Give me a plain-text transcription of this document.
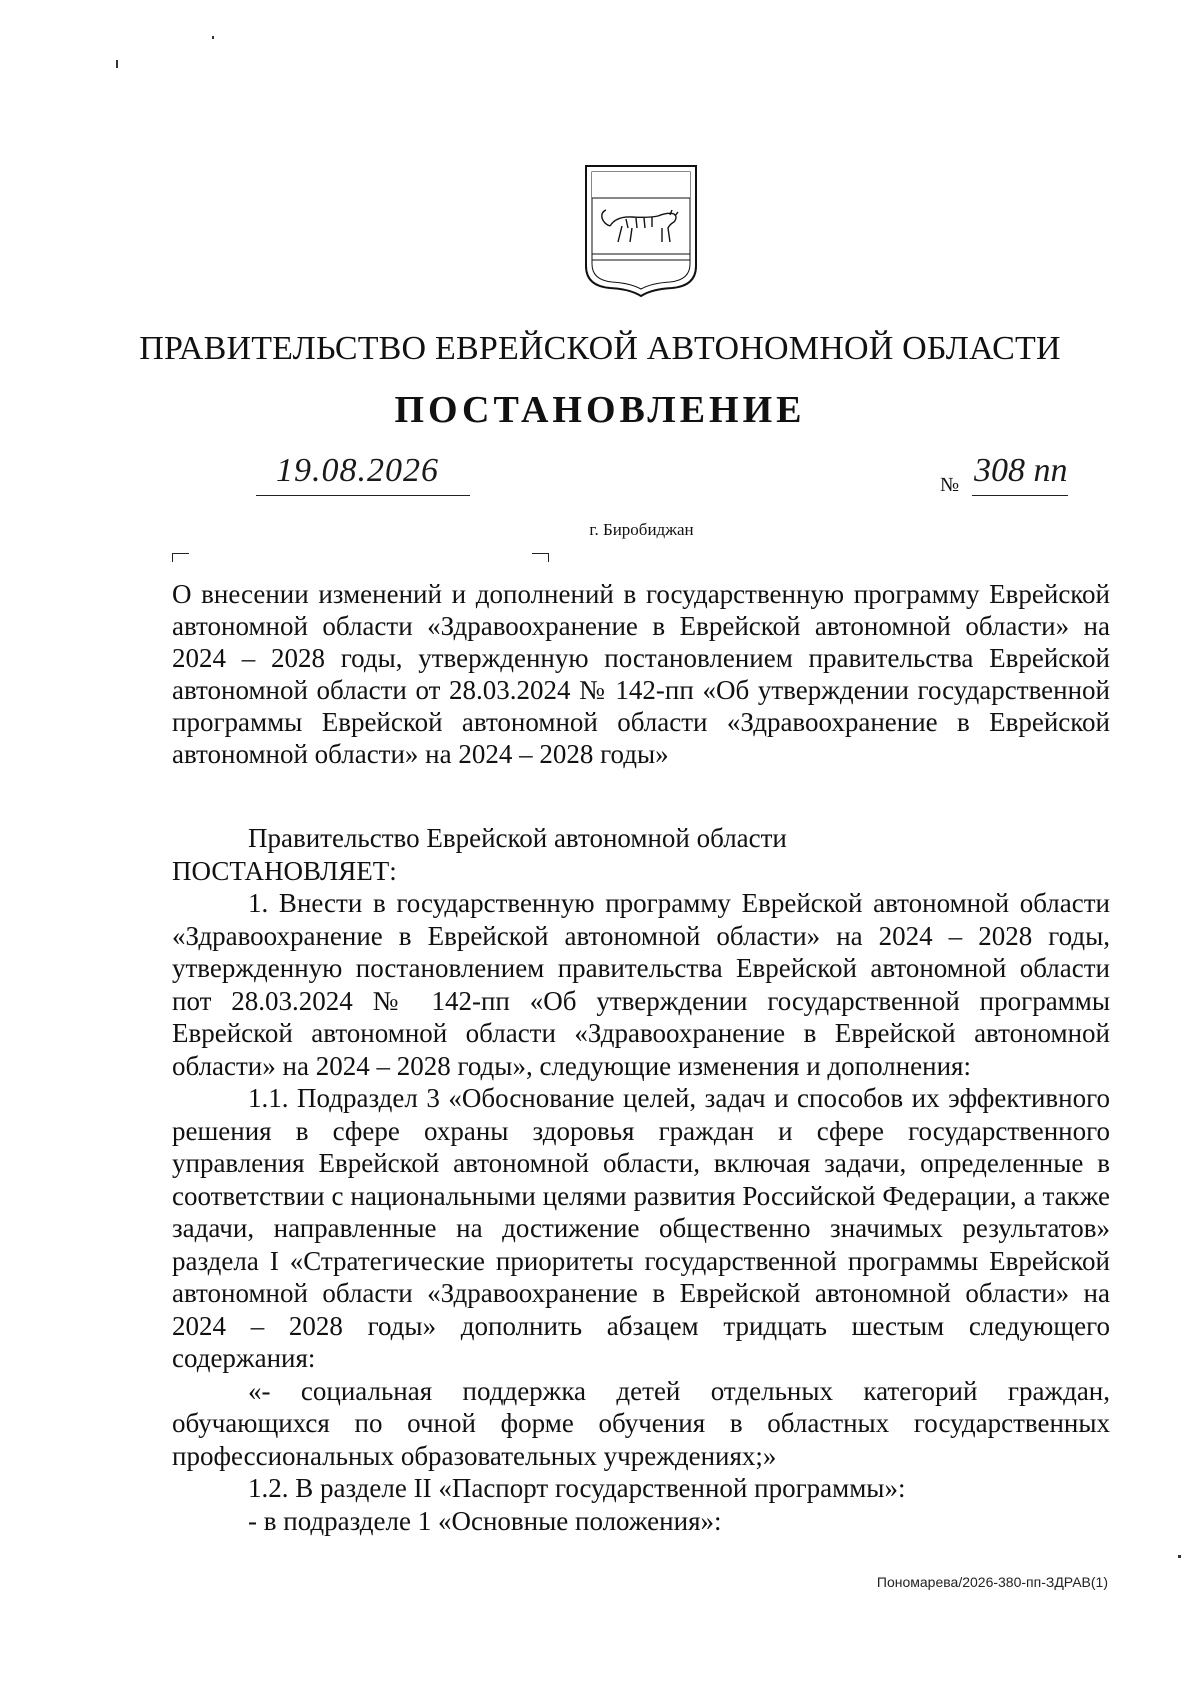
ПРАВИТЕЛЬСТВО ЕВРЕЙСКОЙ АВТОНОМНОЙ ОБЛАСТИ
ПОСТАНОВЛЕНИЕ
19.08.2026	№ 308 пп
г. Биробиджан
О внесении изменений и дополнений в государственную программу Еврейской автономной области «Здравоохранение в Еврейской автономной области» на 2024 – 2028 годы, утвержденную постановлением правительства Еврейской автономной области от 28.03.2024 № 142-пп «Об утверждении государственной программы Еврейской автономной области «Здравоохранение в Еврейской автономной области» на 2024 – 2028 годы»

Правительство Еврейской автономной области

ПОСТАНОВЛЯЕТ:

1. Внести в государственную программу Еврейской автономной области «Здравоохранение в Еврейской автономной области» на 2024 – 2028 годы, утвержденную постановлением правительства Еврейской автономной области пот 28.03.2024 № 142-пп «Об утверждении государственной программы Еврейской автономной области «Здравоохранение в Еврейской автономной области» на 2024 – 2028 годы», следующие изменения и дополнения:

1.1. Подраздел 3 «Обоснование целей, задач и способов их эффективного решения в сфере охраны здоровья граждан и сфере государственного управления Еврейской автономной области, включая задачи, определенные в соответствии с национальными целями развития Российской Федерации, а также задачи, направленные на достижение общественно значимых результатов» раздела I «Стратегические приоритеты государственной программы Еврейской автономной области «Здравоохранение в Еврейской автономной области» на 2024 – 2028 годы» дополнить абзацем тридцать шестым следующего содержания:

«- социальная поддержка детей отдельных категорий граждан, обучающихся по очной форме обучения в областных государственных профессиональных образовательных учреждениях;»

1.2. В разделе II «Паспорт государственной программы»:

- в подразделе 1 «Основные положения»:

Пономарева/2026-380-пп-ЗДРАВ(1)
